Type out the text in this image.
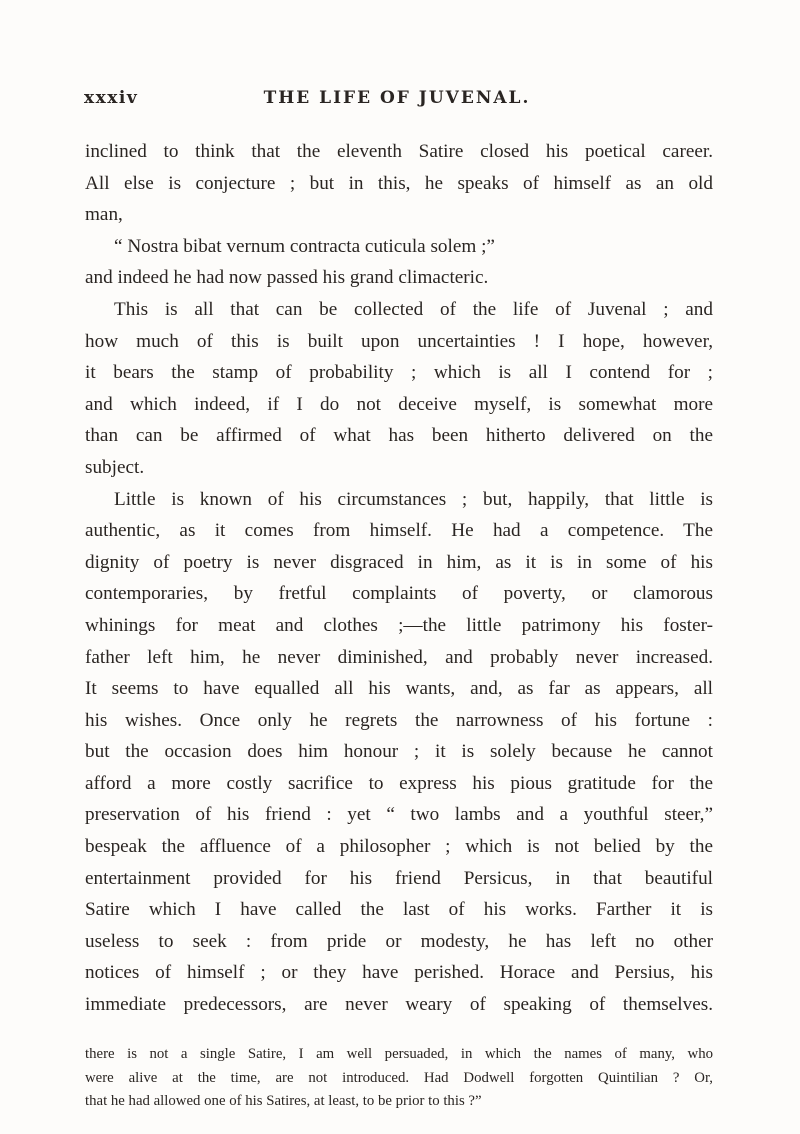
xxxiv	THE LIFE OF JUVENAL.
inclined to think that the eleventh Satire closed his poetical career.
All else is conjecture ; but in this, he speaks of himself as an old
man,
“ Nostra bibat vernum contracta cuticula solem ;”
and indeed he had now passed his grand climacteric.
This is all that can be collected of the life of Juvenal ; and
how much of this is built upon uncertainties ! I hope, however,
it bears the stamp of probability ; which is all I contend for ;
and which indeed, if I do not deceive myself, is somewhat more
than can be affirmed of what has been hitherto delivered on the
subject.
Little is known of his circumstances ; but, happily, that little is
authentic, as it comes from himself. He had a competence. The
dignity of poetry is never disgraced in him, as it is in some of his
contemporaries, by fretful complaints of poverty, or clamorous
whinings for meat and clothes ;—the little patrimony his foster-
father left him, he never diminished, and probably never increased.
It seems to have equalled all his wants, and, as far as appears, all
his wishes. Once only he regrets the narrowness of his fortune :
but the occasion does him honour ; it is solely because he cannot
afford a more costly sacrifice to express his pious gratitude for the
preservation of his friend : yet “ two lambs and a youthful steer,”
bespeak the affluence of a philosopher ; which is not belied by the
entertainment provided for his friend Persicus, in that beautiful
Satire which I have called the last of his works. Farther it is
useless to seek : from pride or modesty, he has left no other
notices of himself ; or they have perished. Horace and Persius, his
immediate predecessors, are never weary of speaking of themselves.
there is not a single Satire, I am well persuaded, in which the names of many, who
were alive at the time, are not introduced. Had Dodwell forgotten Quintilian ? Or,
that he had allowed one of his Satires, at least, to be prior to this ?”
